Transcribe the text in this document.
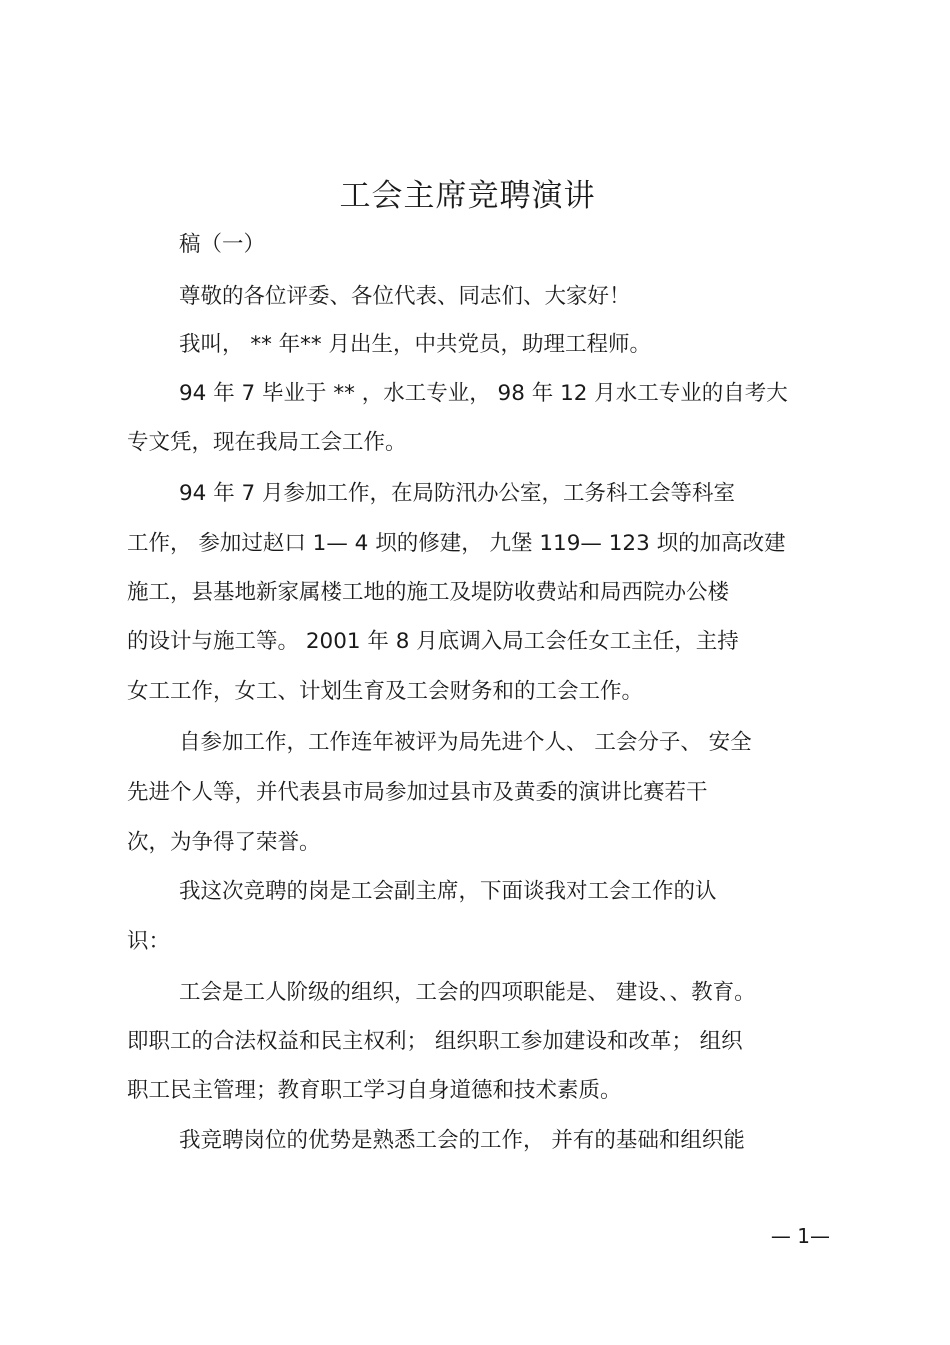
工会主席竞聘演讲
稿（一）
尊敬的各位评委、各位代表、同志们、大家好！
我叫， ** 年** 月出生，中共党员，助理工程师。
94 年 7 毕业于 ** ，水工专业， 98 年 12 月水工专业的自考大
专文凭，现在我局工会工作。
94 年 7 月参加工作，在局防汛办公室，工务科工会等科室
工作， 参加过赵口 1— 4 坝的修建， 九堡 119— 123 坝的加高改建
施工，县基地新家属楼工地的施工及堤防收费站和局西院办公楼
的设计与施工等。 2001 年 8 月底调入局工会任女工主任，主持
女工工作，女工、计划生育及工会财务和的工会工作。
自参加工作，工作连年被评为局先进个人、 工会分子、 安全
先进个人等，并代表县市局参加过县市及黄委的演讲比赛若干
次，为争得了荣誉。
我这次竞聘的岗是工会副主席，下面谈我对工会工作的认
识：
工会是工人阶级的组织，工会的四项职能是、 建设、、教育。
即职工的合法权益和民主权利； 组织职工参加建设和改革； 组织
职工民主管理；教育职工学习自身道德和技术素质。
我竞聘岗位的优势是熟悉工会的工作， 并有的基础和组织能
— 1—
